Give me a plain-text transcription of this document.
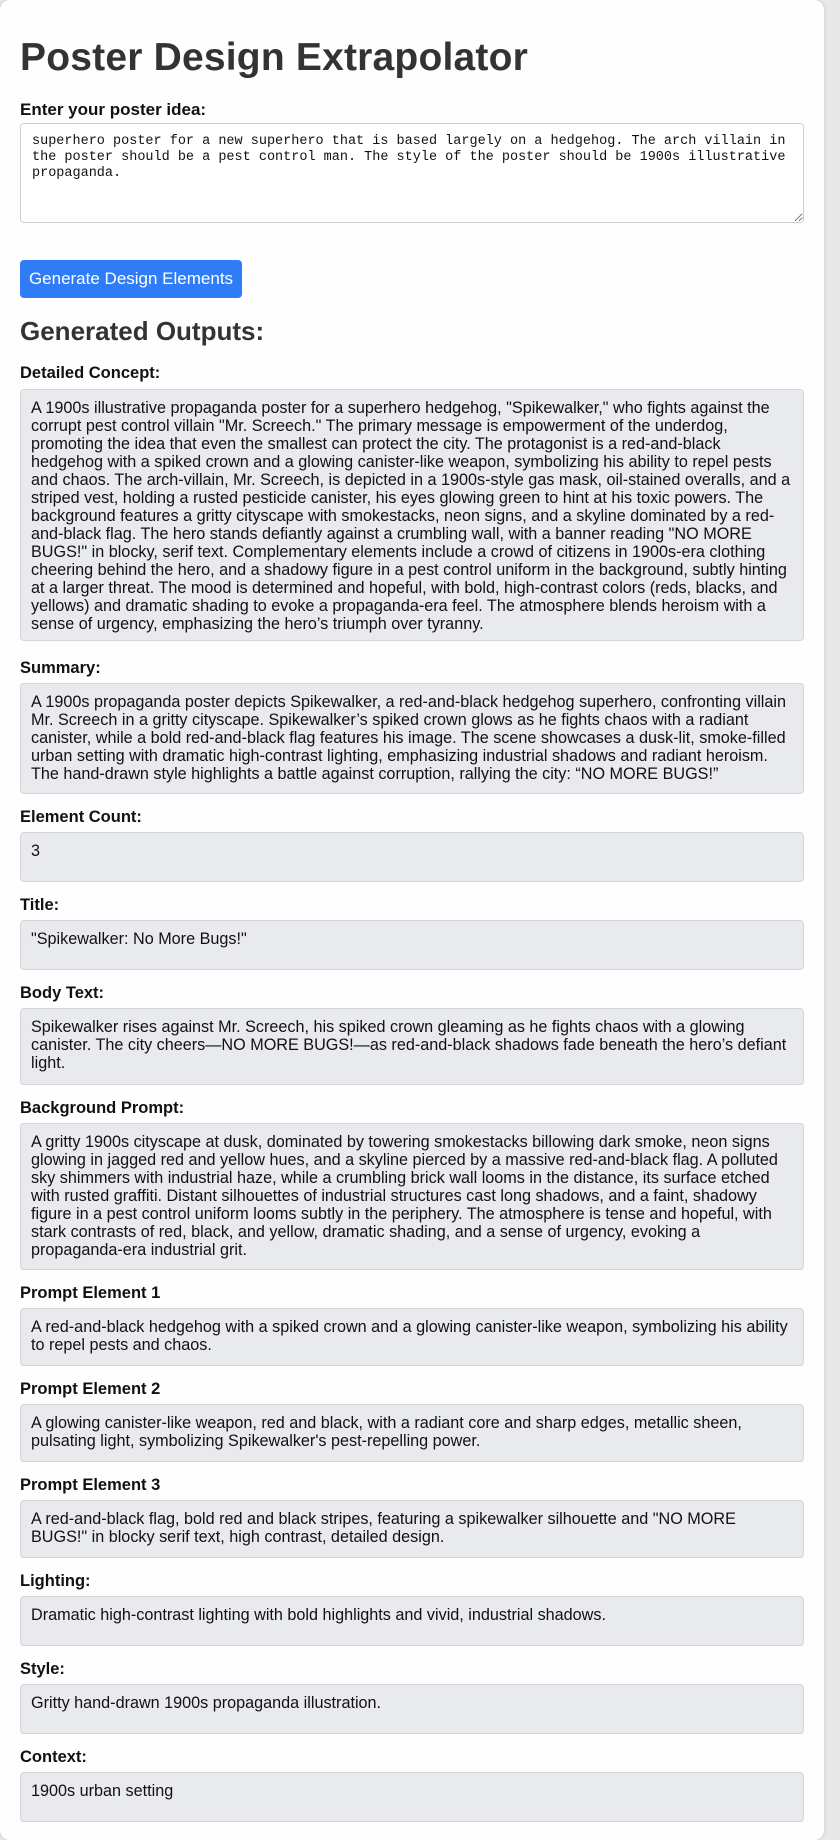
Poster Design Extrapolator
Enter your poster idea:
superhero poster for a new superhero that is based largely on a hedgehog. The arch villain in the poster should be a pest control man. The style of the poster should be 1900s illustrative propaganda.
Generate Design Elements
Generated Outputs:
Detailed Concept:
A 1900s illustrative propaganda poster for a superhero hedgehog, "Spikewalker," who fights against the corrupt pest control villain "Mr. Screech." The primary message is empowerment of the underdog, promoting the idea that even the smallest can protect the city. The protagonist is a red-and-black hedgehog with a spiked crown and a glowing canister-like weapon, symbolizing his ability to repel pests and chaos. The arch-villain, Mr. Screech, is depicted in a 1900s-style gas mask, oil-stained overalls, and a striped vest, holding a rusted pesticide canister, his eyes glowing green to hint at his toxic powers. The background features a gritty cityscape with smokestacks, neon signs, and a skyline dominated by a red-and-black flag. The hero stands defiantly against a crumbling wall, with a banner reading "NO MORE BUGS!" in blocky, serif text. Complementary elements include a crowd of citizens in 1900s-era clothing cheering behind the hero, and a shadowy figure in a pest control uniform in the background, subtly hinting at a larger threat. The mood is determined and hopeful, with bold, high-contrast colors (reds, blacks, and yellows) and dramatic shading to evoke a propaganda-era feel. The atmosphere blends heroism with a sense of urgency, emphasizing the hero’s triumph over tyranny.
Summary:
A 1900s propaganda poster depicts Spikewalker, a red-and-black hedgehog superhero, confronting villain Mr. Screech in a gritty cityscape. Spikewalker’s spiked crown glows as he fights chaos with a radiant canister, while a bold red-and-black flag features his image. The scene showcases a dusk-lit, smoke-filled urban setting with dramatic high-contrast lighting, emphasizing industrial shadows and radiant heroism. The hand-drawn style highlights a battle against corruption, rallying the city: “NO MORE BUGS!”
Element Count:
3
Title:
"Spikewalker: No More Bugs!"
Body Text:
Spikewalker rises against Mr. Screech, his spiked crown gleaming as he fights chaos with a glowing canister. The city cheers—NO MORE BUGS!—as red-and-black shadows fade beneath the hero’s defiant light.
Background Prompt:
A gritty 1900s cityscape at dusk, dominated by towering smokestacks billowing dark smoke, neon signs glowing in jagged red and yellow hues, and a skyline pierced by a massive red-and-black flag. A polluted sky shimmers with industrial haze, while a crumbling brick wall looms in the distance, its surface etched with rusted graffiti. Distant silhouettes of industrial structures cast long shadows, and a faint, shadowy figure in a pest control uniform looms subtly in the periphery. The atmosphere is tense and hopeful, with stark contrasts of red, black, and yellow, dramatic shading, and a sense of urgency, evoking a propaganda-era industrial grit.
Prompt Element 1
A red-and-black hedgehog with a spiked crown and a glowing canister-like weapon, symbolizing his ability to repel pests and chaos.
Prompt Element 2
A glowing canister-like weapon, red and black, with a radiant core and sharp edges, metallic sheen, pulsating light, symbolizing Spikewalker's pest-repelling power.
Prompt Element 3
A red-and-black flag, bold red and black stripes, featuring a spikewalker silhouette and "NO MORE BUGS!" in blocky serif text, high contrast, detailed design.
Lighting:
Dramatic high-contrast lighting with bold highlights and vivid, industrial shadows.
Style:
Gritty hand-drawn 1900s propaganda illustration.
Context:
1900s urban setting
